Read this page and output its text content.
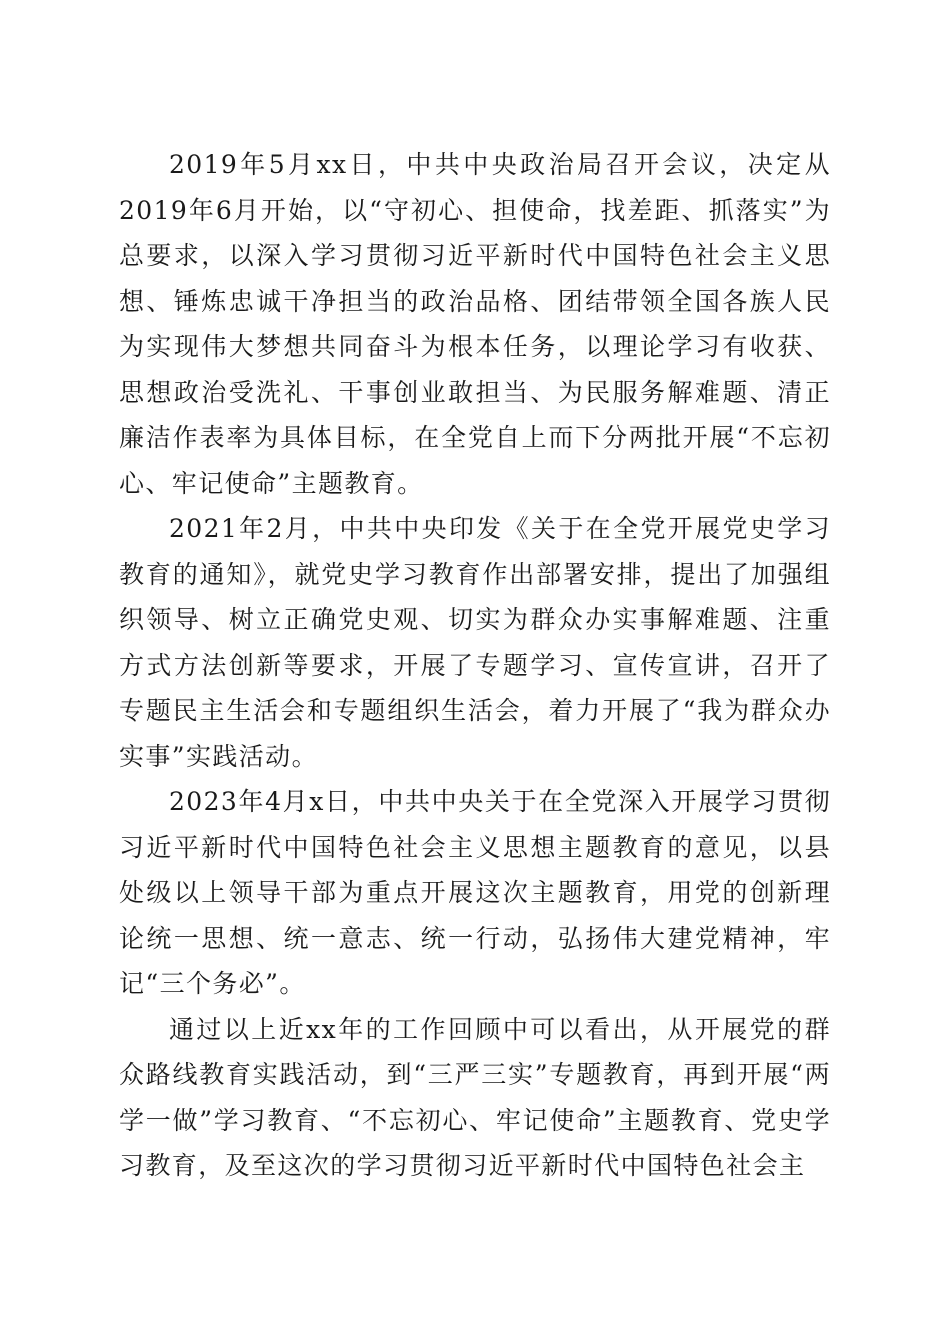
2019年5月xx日，中共中央政治局召开会议，决定从2019年6月开始，以“守初心、担使命，找差距、抓落实”为总要求，以深入学习贯彻习近平新时代中国特色社会主义思想、锤炼忠诚干净担当的政治品格、团结带领全国各族人民为实现伟大梦想共同奋斗为根本任务，以理论学习有收获、思想政治受洗礼、干事创业敢担当、为民服务解难题、清正廉洁作表率为具体目标，在全党自上而下分两批开展“不忘初心、牢记使命”主题教育。

2021年2月，中共中央印发《关于在全党开展党史学习教育的通知》，就党史学习教育作出部署安排，提出了加强组织领导、树立正确党史观、切实为群众办实事解难题、注重方式方法创新等要求，开展了专题学习、宣传宣讲，召开了专题民主生活会和专题组织生活会，着力开展了“我为群众办实事”实践活动。

2023年4月x日，中共中央关于在全党深入开展学习贯彻习近平新时代中国特色社会主义思想主题教育的意见，以县处级以上领导干部为重点开展这次主题教育，用党的创新理论统一思想、统一意志、统一行动，弘扬伟大建党精神，牢记“三个务必”。

通过以上近xx年的工作回顾中可以看出，从开展党的群众路线教育实践活动，到“三严三实”专题教育，再到开展“两学一做”学习教育、“不忘初心、牢记使命”主题教育、党史学习教育，及至这次的学习贯彻习近平新时代中国特色社会主
